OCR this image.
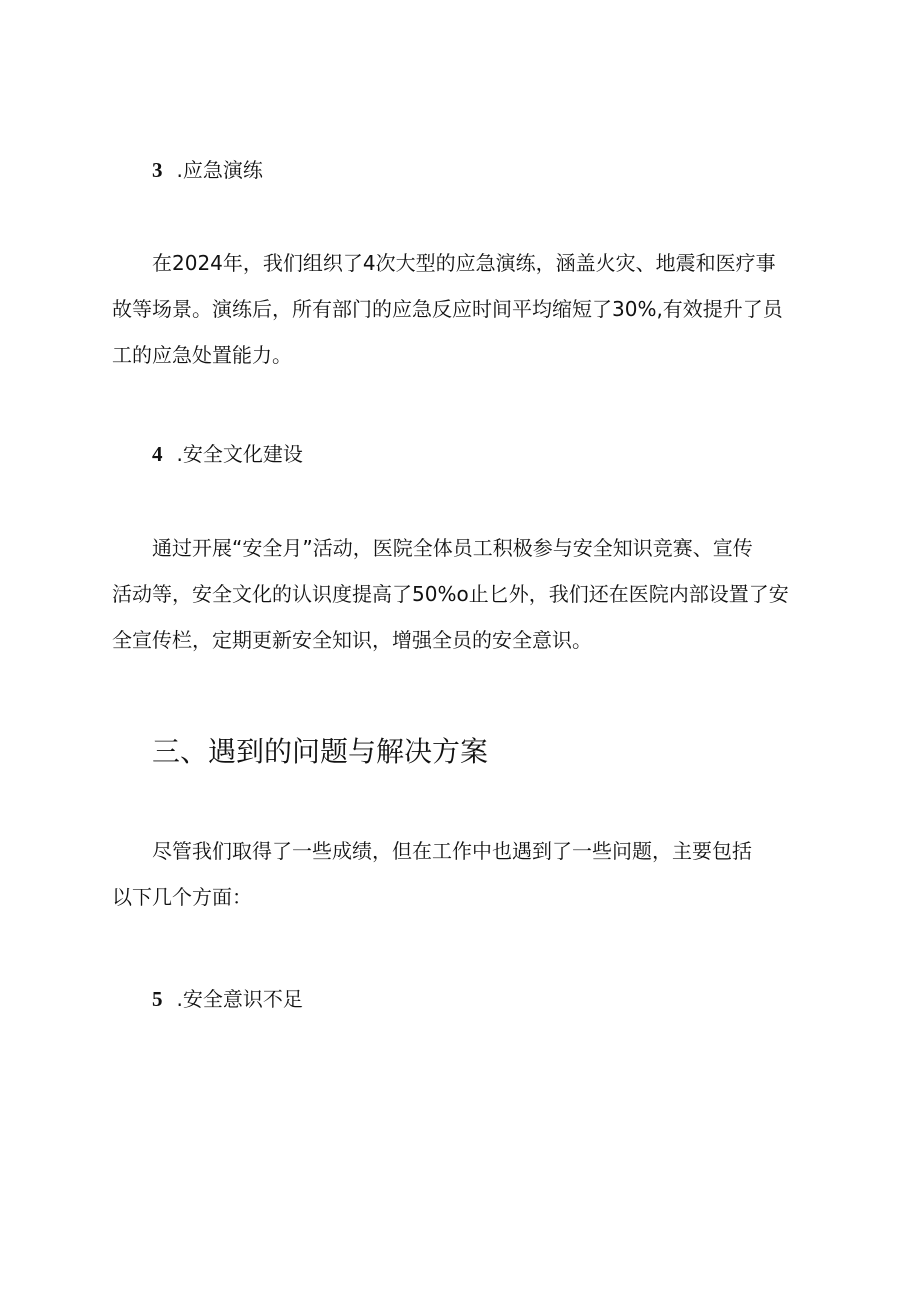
3 .应急演练
在2024年，我们组织了4次大型的应急演练，涵盖火灾、地震和医疗事
故等场景。演练后，所有部门的应急反应时间平均缩短了30%,有效提升了员
工的应急处置能力。
4 .安全文化建设
通过开展“安全月”活动，医院全体员工积极参与安全知识竞赛、宣传
活动等，安全文化的认识度提高了50%o止匕外，我们还在医院内部设置了安
全宣传栏，定期更新安全知识，增强全员的安全意识。
三、遇到的问题与解决方案
尽管我们取得了一些成绩，但在工作中也遇到了一些问题，主要包括
以下几个方面：
5 .安全意识不足
